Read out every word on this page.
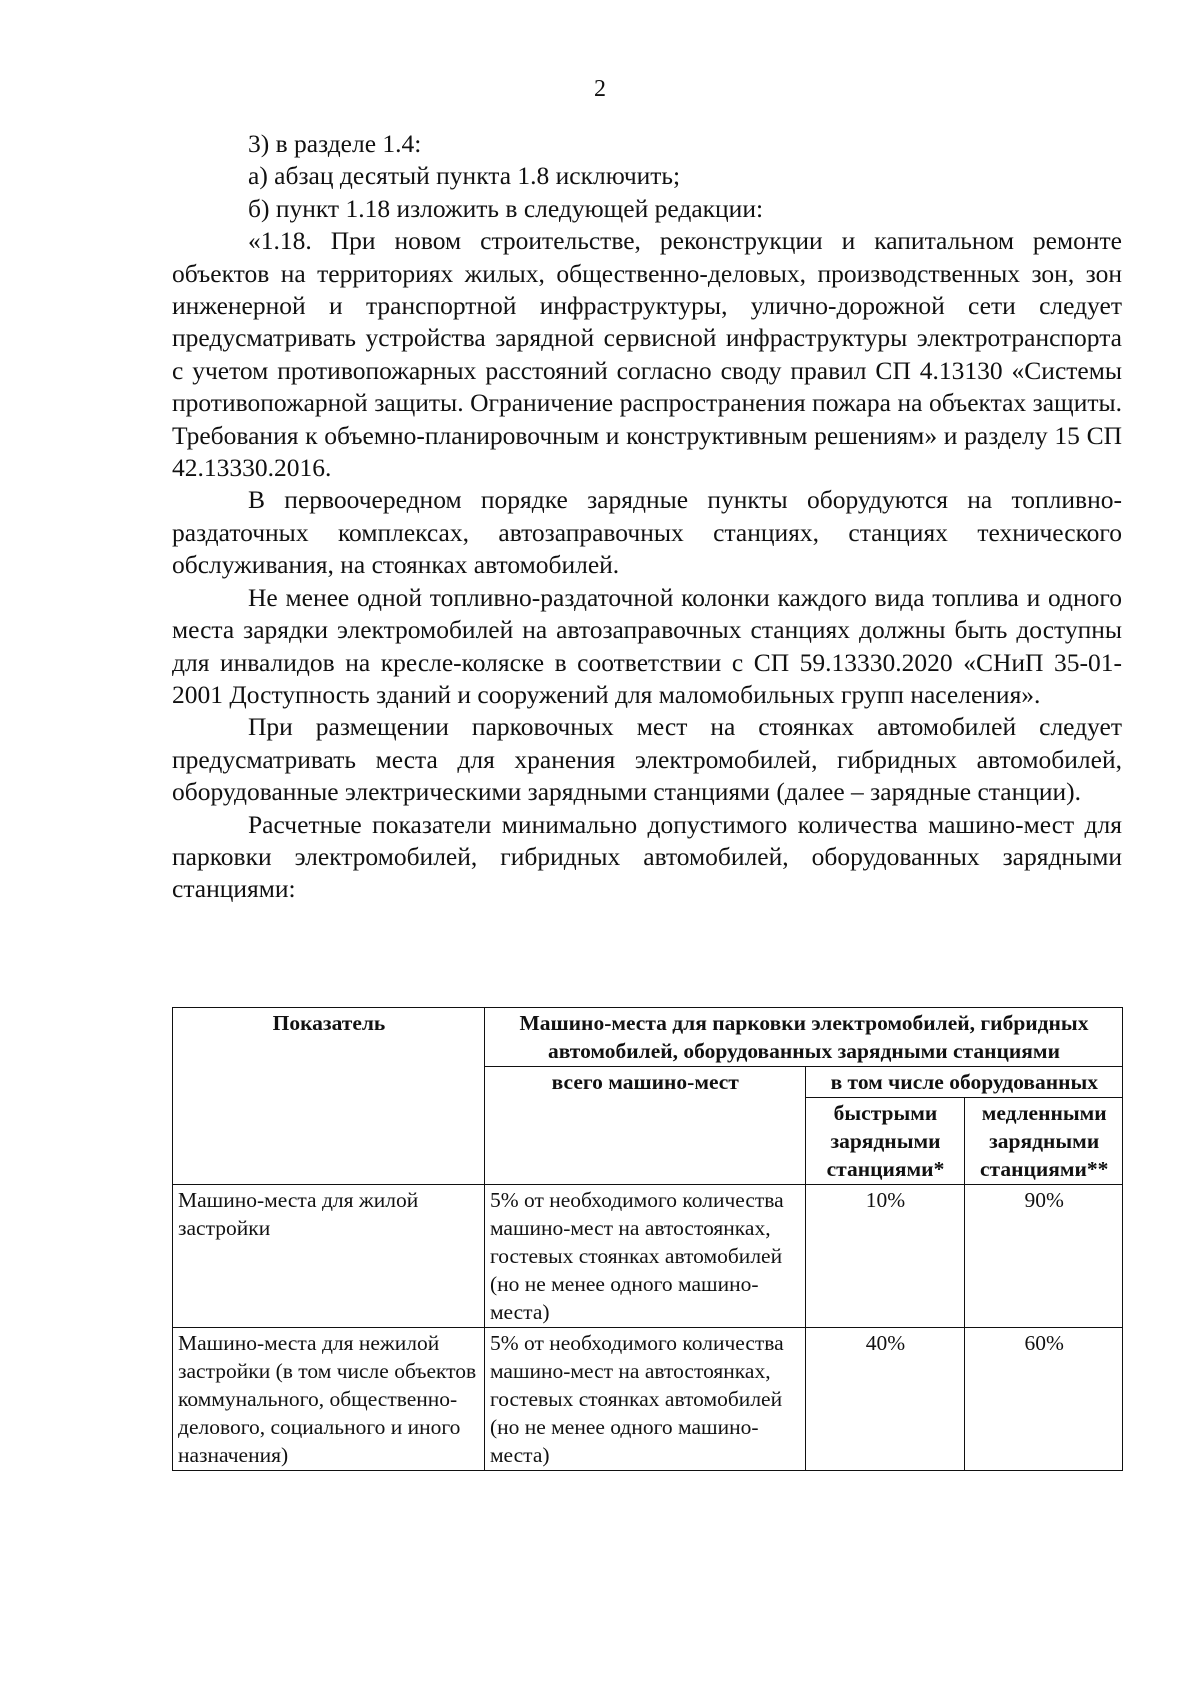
2

3) в разделе 1.4:

а) абзац десятый пункта 1.8 исключить;

б) пункт 1.18 изложить в следующей редакции:

«1.18. При новом строительстве, реконструкции и капитальном ремонте объектов на территориях жилых, общественно-деловых, производственных зон, зон инженерной и транспортной инфраструктуры, улично-дорожной сети следует предусматривать устройства зарядной сервисной инфраструктуры электротранспорта с учетом противопожарных расстояний согласно своду правил СП 4.13130 «Системы противопожарной защиты. Ограничение распространения пожара на объектах защиты. Требования к объемно-планировочным и конструктивным решениям» и разделу 15 СП 42.13330.2016.

В первоочередном порядке зарядные пункты оборудуются на топливно-раздаточных комплексах, автозаправочных станциях, станциях технического обслуживания, на стоянках автомобилей.

Не менее одной топливно-раздаточной колонки каждого вида топлива и одного места зарядки электромобилей на автозаправочных станциях должны быть доступны для инвалидов на кресле-коляске в соответствии с СП 59.13330.2020 «СНиП 35-01-2001 Доступность зданий и сооружений для маломобильных групп населения».

При размещении парковочных мест на стоянках автомобилей следует предусматривать места для хранения электромобилей, гибридных автомобилей, оборудованные электрическими зарядными станциями (далее – зарядные станции).

Расчетные показатели минимально допустимого количества машино-мест для парковки электромобилей, гибридных автомобилей, оборудованных зарядными станциями:

Показатель	Машино-места для парковки электромобилей, гибридных автомобилей, оборудованных зарядными станциями		
	всего машино-мест	в том числе оборудованных	
		быстрыми зарядными станциями*	медленными зарядными станциями**
Машино-места для жилой застройки	5% от необходимого количества машино-мест на автостоянках, гостевых стоянках автомобилей (но не менее одного машино-места)	10%	90%
Машино-места для нежилой застройки (в том числе объектов коммунального, общественно-делового, социального и иного назначения)	5% от необходимого количества машино-мест на автостоянках, гостевых стоянках автомобилей (но не менее одного машино-места)	40%	60%
